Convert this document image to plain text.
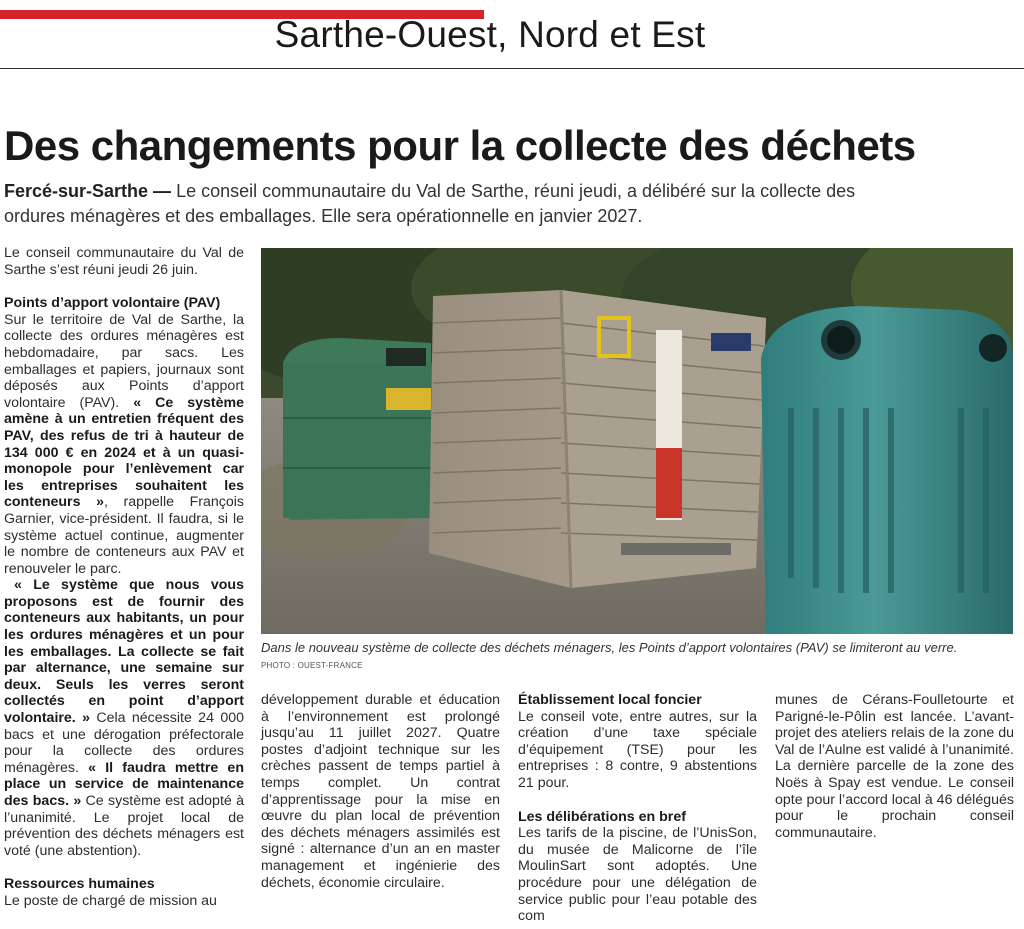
Sarthe-Ouest, Nord et Est
Des changements pour la collecte des déchets
Fercé-sur-Sarthe — Le conseil communautaire du Val de Sarthe, réuni jeudi, a délibéré sur la collecte des ordures ménagères et des emballages. Elle sera opérationnelle en janvier 2027.

Le conseil communautaire du Val de Sarthe s’est réuni jeudi 26 juin.

Points d’apport volontaire (PAV)

Sur le territoire de Val de Sarthe, la collecte des ordures ménagères est hebdomadaire, par sacs. Les emballages et papiers, journaux sont déposés aux Points d’apport volontaire (PAV). « Ce système amène à un entretien fréquent des PAV, des refus de tri à hauteur de 134 000 € en 2024 et à un quasi-monopole pour l’enlèvement car les entreprises souhaitent les conteneurs », rappelle François Garnier, vice-président. Il faudra, si le système actuel continue, augmenter le nombre de conteneurs aux PAV et renouveler le parc.

« Le système que nous vous proposons est de fournir des conteneurs aux habitants, un pour les ordures ménagères et un pour les emballages. La collecte se fait par alternance, une semaine sur deux. Seuls les verres seront collectés en point d’apport volontaire. » Cela nécessite 24 000 bacs et une dérogation préfectorale pour la collecte des ordures ménagères. « Il faudra mettre en place un service de maintenance des bacs. » Ce système est adopté à l’unanimité. Le projet local de prévention des déchets ménagers est voté (une abstention).

Ressources humaines

Le poste de chargé de mission au

Dans le nouveau système de collecte des déchets ménagers, les Points d’apport volontaires (PAV) se limiteront au verre.
PHOTO : OUEST-FRANCE

développement durable et éducation à l’environnement est prolongé jusqu’au 11 juillet 2027. Quatre postes d’adjoint technique sur les crèches passent de temps partiel à temps complet. Un contrat d’apprentissage pour la mise en œuvre du plan local de prévention des déchets ménagers assimilés est signé : alternance d’un an en master management et ingénierie des déchets, économie circulaire.

Établissement local foncier

Le conseil vote, entre autres, sur la création d’une taxe spéciale d’équipement (TSE) pour les entreprises : 8 contre, 9 abstentions 21 pour.

Les délibérations en bref

Les tarifs de la piscine, de l’UnisSon, du musée de Malicorne de l’île MoulinSart sont adoptés. Une procédure pour une délégation de service public pour l’eau potable des com

munes de Cérans-Foulletourte et Parigné-le-Pôlin est lancée. L’avant-projet des ateliers relais de la zone du Val de l’Aulne est validé à l’unanimité. La dernière parcelle de la zone des Noës à Spay est vendue. Le conseil opte pour l’accord local à 46 délégués pour le prochain conseil communautaire.
